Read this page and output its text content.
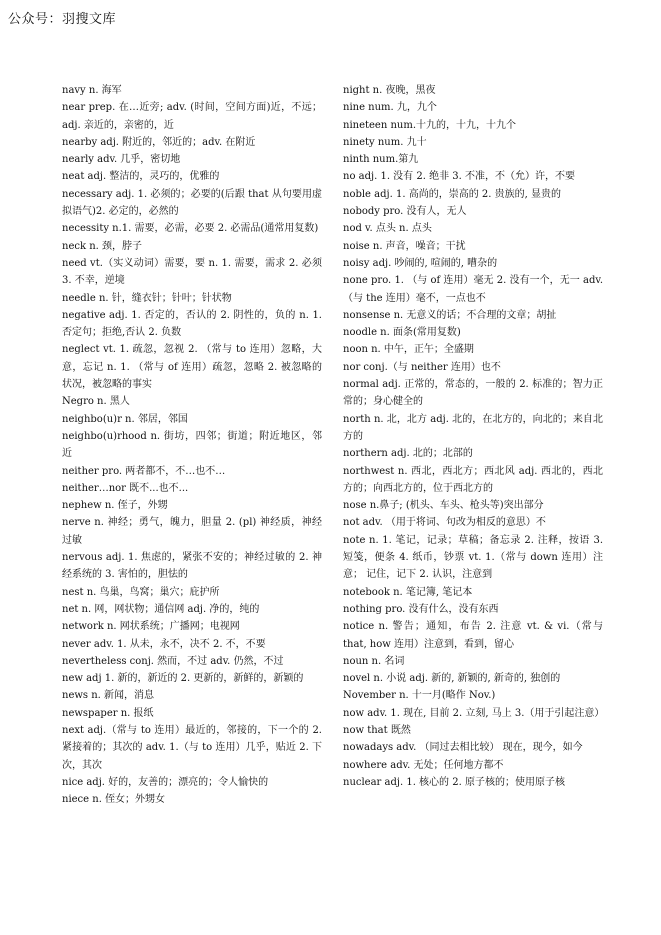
公众号：羽搜文库

navy n. 海军

near prep. 在…近旁; adv. (时间，空间方面)近，不远；adj. 亲近的，亲密的，近

nearby adj. 附近的，邻近的；adv. 在附近

nearly adv. 几乎，密切地

neat adj. 整洁的，灵巧的，优雅的

necessary adj. 1. 必须的；必要的(后跟 that 从句要用虚拟语气)2. 必定的，必然的

necessity n.1. 需要，必需，必要 2. 必需品(通常用复数)

neck n. 颈，脖子

need vt.（实义动词）需要，要 n. 1. 需要，需求 2. 必须 3. 不幸，逆境

needle n. 针，缝衣针；针叶；针状物

negative adj. 1. 否定的，否认的 2. 阴性的，负的 n. 1. 否定句；拒绝,否认 2. 负数

neglect vt. 1. 疏忽，忽视 2. （常与 to 连用）忽略，大意，忘记 n. 1. （常与 of 连用）疏忽，忽略 2. 被忽略的状况，被忽略的事实

Negro n. 黑人

neighbo(u)r n. 邻居，邻国

neighbo(u)rhood n. 街坊，四邻；街道；附近地区，邻近

neither pro. 两者都不，不…也不…

neither…nor 既不...也不...

nephew n. 侄子，外甥

nerve n. 神经；勇气，魄力，胆量 2. (pl) 神经质，神经过敏

nervous adj. 1. 焦虑的，紧张不安的；神经过敏的 2. 神经系统的 3. 害怕的，胆怯的

nest n. 鸟巢，鸟窝；巢穴；庇护所

net n. 网，网状物；通信网 adj. 净的，纯的

network n. 网状系统；广播网；电视网

never adv. 1. 从未，永不，决不 2. 不，不要

nevertheless conj. 然而，不过 adv. 仍然，不过

new adj 1. 新的，新近的 2. 更新的，新鲜的，新颖的

news n. 新闻，消息

newspaper n. 报纸

next adj.（常与 to 连用）最近的，邻接的，下一个的 2. 紧接着的；其次的 adv. 1.（与 to 连用）几乎，贴近 2. 下次，其次

nice adj. 好的，友善的；漂亮的；令人愉快的

niece n. 侄女；外甥女

night n. 夜晚，黑夜

nine num. 九，九个

nineteen num.十九的，十九，十九个

ninety num. 九十

ninth num.第九

no adj. 1. 没有 2. 绝非 3. 不准，不（允）许，不要

noble adj. 1. 高尚的，崇高的 2. 贵族的, 显贵的

nobody pro. 没有人，无人

nod v. 点头 n. 点头

noise n. 声音，噪音；干扰

noisy adj. 吵闹的, 喧闹的, 嘈杂的

none pro. 1. （与 of 连用）毫无 2. 没有一个，无一 adv. （与 the 连用）毫不，一点也不

nonsense n. 无意义的话；不合理的文章；胡扯

noodle n. 面条(常用复数)

noon n. 中午，正午；全盛期

nor conj.（与 neither 连用）也不

normal adj. 正常的，常态的，一般的 2. 标准的；智力正常的；身心健全的

north n. 北，北方 adj. 北的，在北方的，向北的；来自北方的

northern adj. 北的；北部的

northwest n. 西北，西北方；西北风 adj. 西北的，西北方的；向西北方的，位于西北方的

nose n.鼻子; (机头、车头、枪头等)突出部分

not adv. （用于将词、句改为相反的意思）不

note n. 1. 笔记，记录；草稿；备忘录 2. 注释，按语 3. 短笺，便条 4. 纸币，钞票 vt. 1.（常与 down 连用）注意； 记住，记下 2. 认识，注意到

notebook n. 笔记簿, 笔记本

nothing pro. 没有什么，没有东西

notice n. 警告；通知，布告 2. 注意 vt. & vi.（常与 that, how 连用）注意到，看到，留心

noun n. 名词

novel n. 小说 adj. 新的, 新颖的, 新奇的, 独创的

November n. 十一月(略作 Nov.)

now adv. 1. 现在, 目前 2. 立刻, 马上 3.（用于引起注意）

now that 既然

nowadays adv. （同过去相比较） 现在，现今，如今

nowhere adv. 无处；任何地方都不

nuclear adj. 1. 核心的 2. 原子核的；使用原子核
